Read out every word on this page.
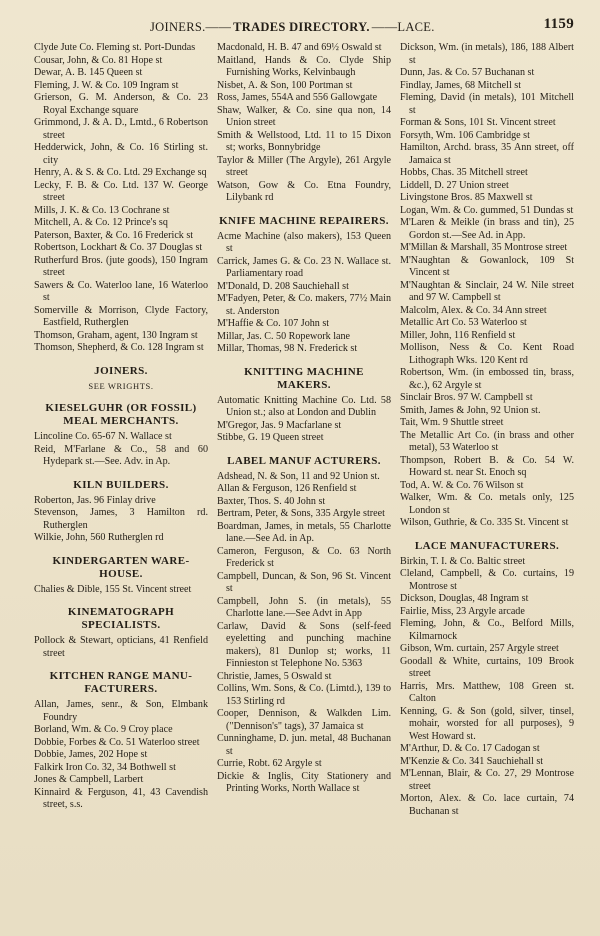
JOINERS.—— TRADES DIRECTORY. ——LACE.	1159
Clyde Jute Co. Fleming st. Port-Dundas
Cousar, John, & Co. 81 Hope st
Dewar, A. B. 145 Queen st
Fleming, J. W. & Co. 109 Ingram st
Grierson, G. M. Anderson, & Co. 23 Royal Exchange square
Grimmond, J. & A. D., Lmtd., 6 Robertson street
Hedderwick, John, & Co. 16 Stirling st. city
Henry, A. & S. & Co. Ltd. 29 Exchange sq
Lecky, F. B. & Co. Ltd. 137 W. George street
Mills, J. K. & Co. 13 Cochrane st
Mitchell, A. & Co. 12 Prince's sq
Paterson, Baxter, & Co. 16 Frederick st
Robertson, Lockhart & Co. 37 Douglas st
Rutherfurd Bros. (jute goods), 150 Ingram street
Sawers & Co. Waterloo lane, 16 Waterloo st
Somerville & Morrison, Clyde Factory, Eastfield, Rutherglen
Thomson, Graham, agent, 130 Ingram st
Thomson, Shepherd, & Co. 128 Ingram st
JOINERS.
SEE WRIGHTS.
KIESELGUHR (OR FOSSIL) MEAL MERCHANTS.
Lincoline Co. 65-67 N. Wallace st
Reid, M'Farlane & Co., 58 and 60 Hydepark st.—See. Adv. in Ap.
KILN BUILDERS.
Roberton, Jas. 96 Finlay drive
Stevenson, James, 3 Hamilton rd. Rutherglen
Wilkie, John, 560 Rutherglen rd
KINDERGARTEN WARE-HOUSE.
Chalies & Dible, 155 St. Vincent street
KINEMATOGRAPH SPECIALISTS.
Pollock & Stewart, opticians, 41 Renfield street
KITCHEN RANGE MANU-FACTURERS.
Allan, James, senr., & Son, Elmbank Foundry
Borland, Wm. & Co. 9 Croy place
Dobbie, Forbes & Co. 51 Waterloo street
Dobbie, James, 202 Hope st
Falkirk Iron Co. 32, 34 Bothwell st
Jones & Campbell, Larbert
Kinnaird & Ferguson, 41, 43 Cavendish street, s.s.
Macdonald, H. B. 47 and 69½ Oswald st
Maitland, Hands & Co. Clyde Ship Furnishing Works, Kelvinbaugh
Nisbet, A. & Son, 100 Portman st
Ross, James, 554A and 556 Gallowgate
Shaw, Walker, & Co. sine qua non, 14 Union street
Smith & Wellstood, Ltd. 11 to 15 Dixon st; works, Bonnybridge
Taylor & Miller (The Argyle), 261 Argyle street
Watson, Gow & Co. Etna Foundry, Lilybank rd
KNIFE MACHINE REPAIRERS.
Acme Machine (also makers), 153 Queen st
Carrick, James G. & Co. 23 N. Wallace st. Parliamentary road
M'Donald, D. 208 Sauchiehall st
M'Fadyen, Peter, & Co. makers, 77½ Main st. Anderston
M'Haffie & Co. 107 John st
Millar, Jas. C. 50 Ropework lane
Millar, Thomas, 98 N. Frederick st
KNITTING MACHINE MAKERS.
Automatic Knitting Machine Co. Ltd. 58 Union st.; also at London and Dublin
M'Gregor, Jas. 9 Macfarlane st
Stibbe, G. 19 Queen street
LABEL MANUF ACTURERS.
Adshead, N. & Son, 11 and 92 Union st.
Allan & Ferguson, 126 Renfield st
Baxter, Thos. S. 40 John st
Bertram, Peter, & Sons, 335 Argyle street
Boardman, James, in metals, 55 Charlotte lane.—See Ad. in Ap.
Cameron, Ferguson, & Co. 63 North Frederick st
Campbell, Duncan, & Son, 96 St. Vincent st
Campbell, John S. (in metals), 55 Charlotte lane.—See Advt in App
Carlaw, David & Sons (self-feed eyeletting and punching machine makers), 81 Dunlop st; works, 11 Finnieston st Telephone No. 5363
Christie, James, 5 Oswald st
Collins, Wm. Sons, & Co. (Limtd.), 139 to 153 Stirling rd
Cooper, Dennison, & Walkden Lim. ("Dennison's" tags), 37 Jamaica st
Cunninghame, D. jun. metal, 48 Buchanan st
Currie, Robt. 62 Argyle st
Dickie & Inglis, City Stationery and Printing Works, North Wallace st
Dickson, Wm. (in metals), 186, 188 Albert st
Dunn, Jas. & Co. 57 Buchanan st
Findlay, James, 68 Mitchell st
Fleming, David (in metals), 101 Mitchell st
Forman & Sons, 101 St. Vincent street
Forsyth, Wm. 106 Cambridge st
Hamilton, Archd. brass, 35 Ann street, off Jamaica st
Hobbs, Chas. 35 Mitchell street
Liddell, D. 27 Union street
Livingstone Bros. 85 Maxwell st
Logan, Wm. & Co. gummed, 51 Dundas st
M'Laren & Meikle (in brass and tin), 25 Gordon st.—See Ad. in App.
M'Millan & Marshall, 35 Montrose street
M'Naughtan & Gowanlock, 109 St Vincent st
M'Naughtan & Sinclair, 24 W. Nile street and 97 W. Campbell st
Malcolm, Alex. & Co. 34 Ann street
Metallic Art Co. 53 Waterloo st
Miller, John, 116 Renfield st
Mollison, Ness & Co. Kent Road Lithograph Wks. 120 Kent rd
Robertson, Wm. (in embossed tin, brass, &c.), 62 Argyle st
Sinclair Bros. 97 W. Campbell st
Smith, James & John, 92 Union st.
Tait, Wm. 9 Shuttle street
The Metallic Art Co. (in brass and other metal), 53 Waterloo st
Thompson, Robert B. & Co. 54 W. Howard st. near St. Enoch sq
Tod, A. W. & Co. 76 Wilson st
Walker, Wm. & Co. metals only, 125 London st
Wilson, Guthrie, & Co. 335 St. Vincent st
LACE MANUFACTURERS.
Birkin, T. I. & Co. Baltic street
Cleland, Campbell, & Co. curtains, 19 Montrose st
Dickson, Douglas, 48 Ingram st
Fairlie, Miss, 23 Argyle arcade
Fleming, John, & Co., Belford Mills, Kilmarnock
Gibson, Wm. curtain, 257 Argyle street
Goodall & White, curtains, 109 Brook street
Harris, Mrs. Matthew, 108 Green st. Calton
Kenning, G. & Son (gold, silver, tinsel, mohair, worsted for all purposes), 9 West Howard st.
M'Arthur, D. & Co. 17 Cadogan st
M'Kenzie & Co. 341 Sauchiehall st
M'Lennan, Blair, & Co. 27, 29 Montrose street
Morton, Alex. & Co. lace curtain, 74 Buchanan st
